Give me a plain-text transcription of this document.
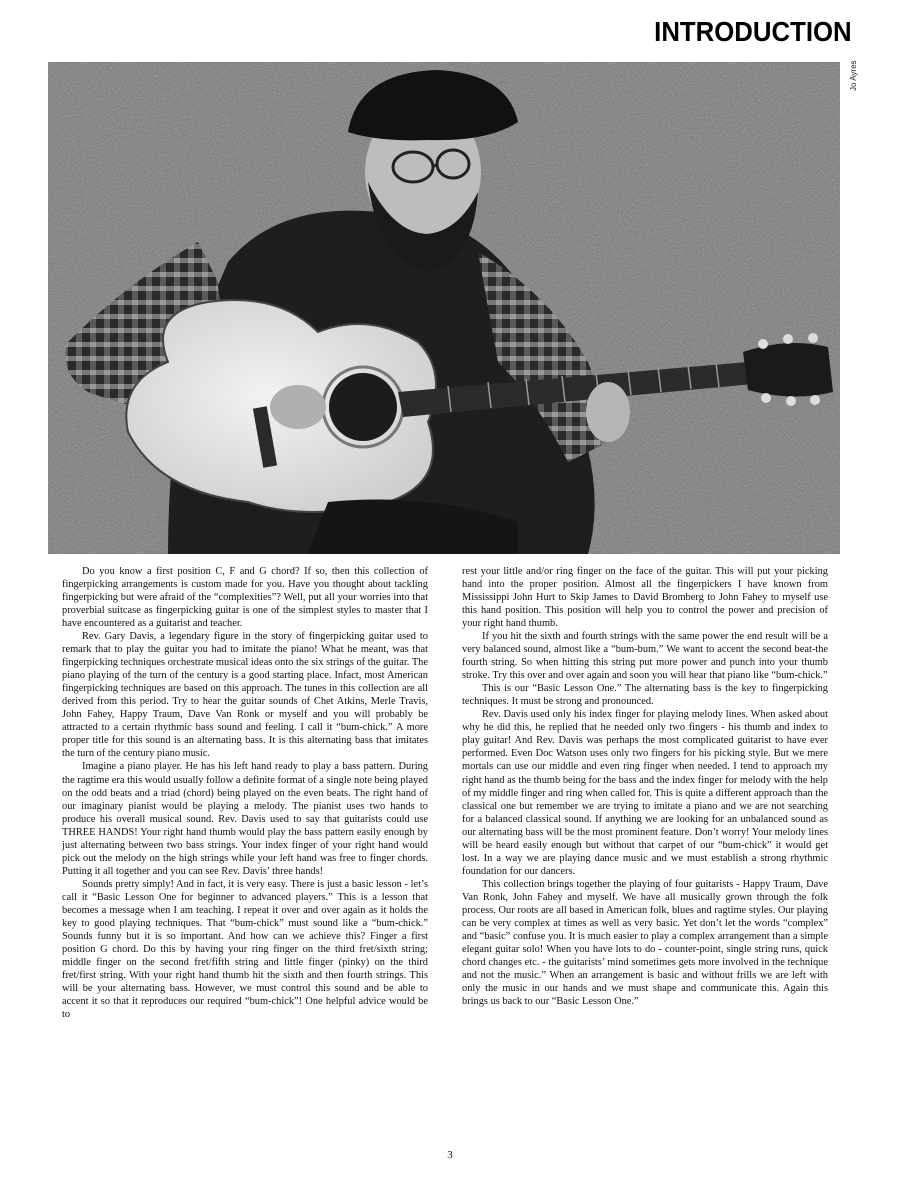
INTRODUCTION
Jo Ayres

Do you know a first position C, F and G chord? If so, then this collection of fingerpicking arrangements is custom made for you. Have you thought about tackling fingerpicking but were afraid of the “complexities”? Well, put all your worries into that proverbial suitcase as fingerpicking guitar is one of the simplest styles to master that I have encountered as a guitarist and teacher.

Rev. Gary Davis, a legendary figure in the story of fingerpicking guitar used to remark that to play the guitar you had to imitate the piano! What he meant, was that fingerpicking techniques orchestrate musical ideas onto the six strings of the guitar. The piano playing of the turn of the century is a good starting place. Infact, most American fingerpicking techniques are based on this approach. The tunes in this collection are all derived from this period. Try to hear the guitar sounds of Chet Atkins, Merle Travis, John Fahey, Happy Traum, Dave Van Ronk or myself and you will probably be attracted to a certain rhythmic bass sound and feeling. I call it “bum-chick.” A more proper title for this sound is an alternating bass. It is this alternating bass that imitates the turn of the century piano music.

Imagine a piano player. He has his left hand ready to play a bass pattern. During the ragtime era this would usually follow a definite format of a single note being played on the odd beats and a triad (chord) being played on the even beats. The right hand of our imaginary pianist would be playing a melody. The pianist uses two hands to produce his overall musical sound. Rev. Davis used to say that guitarists could use THREE HANDS! Your right hand thumb would play the bass pattern easily enough by just alternating between two bass strings. Your index finger of your right hand would pick out the melody on the high strings while your left hand was free to finger chords. Putting it all together and you can see Rev. Davis’ three hands!

Sounds pretty simply! And in fact, it is very easy. There is just a basic lesson - let’s call it “Basic Lesson One for beginner to advanced players.” This is a lesson that becomes a message when I am teaching. I repeat it over and over again as it holds the key to good playing techniques. That “bum-chick” must sound like a “bum-chick.” Sounds funny but it is so important. And how can we achieve this? Finger a first position G chord. Do this by having your ring finger on the third fret/sixth string; middle finger on the second fret/fifth string and little finger (pinky) on the third fret/first string. With your right hand thumb hit the sixth and then fourth strings. This will be your alternating bass. However, we must control this sound and be able to accent it so that it reproduces our required “bum-chick”! One helpful advice would be to

rest your little and/or ring finger on the face of the guitar. This will put your picking hand into the proper position. Almost all the fingerpickers I have known from Mississippi John Hurt to Skip James to David Bromberg to John Fahey to myself use this hand position. This position will help you to control the power and precision of your right hand thumb.

If you hit the sixth and fourth strings with the same power the end result will be a very balanced sound, almost like a “bum-bum.” We want to accent the second beat-the fourth string. So when hitting this string put more power and punch into your thumb stroke. Try this over and over again and soon you will hear that piano like “bum-chick.”

This is our “Basic Lesson One.” The alternating bass is the key to fingerpicking techniques. It must be strong and pronounced.

Rev. Davis used only his index finger for playing melody lines. When asked about why he did this, he replied that he needed only two fingers - his thumb and index to play guitar! And Rev. Davis was perhaps the most complicated guitarist to have ever performed. Even Doc Watson uses only two fingers for his picking style. But we mere mortals can use our middle and even ring finger when needed. I tend to approach my right hand as the thumb being for the bass and the index finger for melody with the help of my middle finger and ring when called for. This is quite a different approach than the classical one but remember we are trying to imitate a piano and we are not searching for a balanced classical sound. If anything we are looking for an unbalanced sound as our alternating bass will be the most prominent feature. Don’t worry! Your melody lines will be heard easily enough but without that carpet of our “bum-chick” it would get lost. In a way we are playing dance music and we must establish a strong rhythmic foundation for our dancers.

This collection brings together the playing of four guitarists - Happy Traum, Dave Van Ronk, John Fahey and myself. We have all musically grown through the folk process. Our roots are all based in American folk, blues and ragtime styles. Our playing can be very complex at times as well as very basic. Yet don’t let the words “complex” and “basic” confuse you. It is much easier to play a complex arrangement than a simple elegant guitar solo! When you have lots to do - counter-point, single string runs, quick chord changes etc. - the guitarists’ mind sometimes gets more involved in the technique and not the music.” When an arrangement is basic and without frills we are left with only the music in our hands and we must shape and communicate this. Again this brings us back to our “Basic Lesson One.”

3
